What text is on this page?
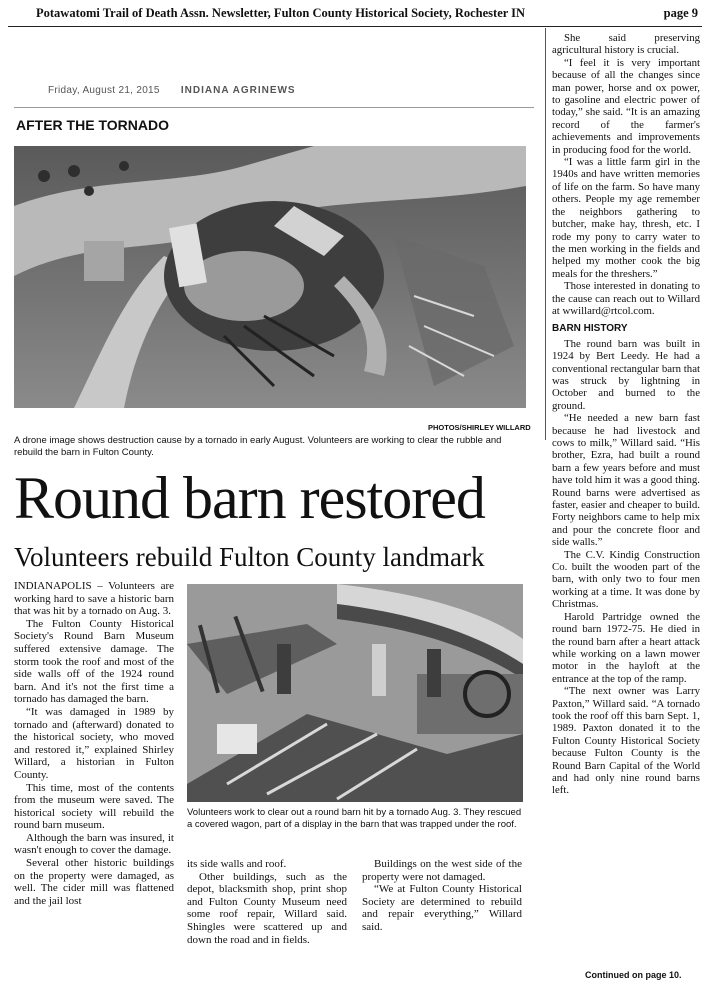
Potawatomi Trail of Death Assn. Newsletter, Fulton County Historical Society, Rochester IN	page 9
Friday, August 21, 2015 INDIANA AGRINEWS
AFTER THE TORNADO
PHOTOS/SHIRLEY WILLARD
A drone image shows destruction cause by a tornado in early August. Volunteers are working to clear the rubble and rebuild the barn in Fulton County.
Round barn restored
Volunteers rebuild Fulton County landmark
Volunteers work to clear out a round barn hit by a tornado Aug. 3. They rescued a covered wagon, part of a display in the barn that was trapped under the roof.

INDIANAPOLIS – Volunteers are working hard to save a historic barn that was hit by a tornado on Aug. 3.

The Fulton County Historical Society's Round Barn Museum suffered extensive damage. The storm took the roof and most of the side walls off of the 1924 round barn. And it's not the first time a tornado has damaged the barn.

“It was damaged in 1989 by tornado and (afterward) donated to the historical society, who moved and restored it,” explained Shirley Willard, a historian in Fulton County.

This time, most of the contents from the museum were saved. The historical society will rebuild the round barn museum.

Although the barn was insured, it wasn't enough to cover the damage.

Several other historic buildings on the property were damaged, as well. The cider mill was flattened and the jail lost

its side walls and roof.

Other buildings, such as the depot, blacksmith shop, print shop and Fulton County Museum need some roof repair, Willard said. Shingles were scattered up and down the road and in fields.

Buildings on the west side of the property were not damaged.

“We at Fulton County Historical Society are determined to rebuild and repair everything,” Willard said.

She said preserving agricultural history is crucial.

“I feel it is very important because of all the changes since man power, horse and ox power, to gasoline and electric power of today,” she said. “It is an amazing record of the farmer's achievements and improvements in producing food for the world.

“I was a little farm girl in the 1940s and have written memories of life on the farm. So have many others. People my age remember the neighbors gathering to butcher, make hay, thresh, etc. I rode my pony to carry water to the men working in the fields and helped my mother cook the big meals for the threshers.”

Those interested in donating to the cause can reach out to Willard at wwillard@rtcol.com.

BARN HISTORY

The round barn was built in 1924 by Bert Leedy. He had a conventional rectangular barn that was struck by lightning in October and burned to the ground.

“He needed a new barn fast because he had livestock and cows to milk,” Willard said. “His brother, Ezra, had built a round barn a few years before and must have told him it was a good thing. Round barns were advertised as faster, easier and cheaper to build. Forty neighbors came to help mix and pour the concrete floor and side walls.”

The C.V. Kindig Construction Co. built the wooden part of the barn, with only two to four men working at a time. It was done by Christmas.

Harold Partridge owned the round barn 1972-75. He died in the round barn after a heart attack while working on a lawn mower motor in the hayloft at the entrance at the top of the ramp.

“The next owner was Larry Paxton,” Willard said. “A tornado took the roof off this barn Sept. 1, 1989. Paxton donated it to the Fulton County Historical Society because Fulton County is the Round Barn Capital of the World and had only nine round barns left.

Continued on page 10.
